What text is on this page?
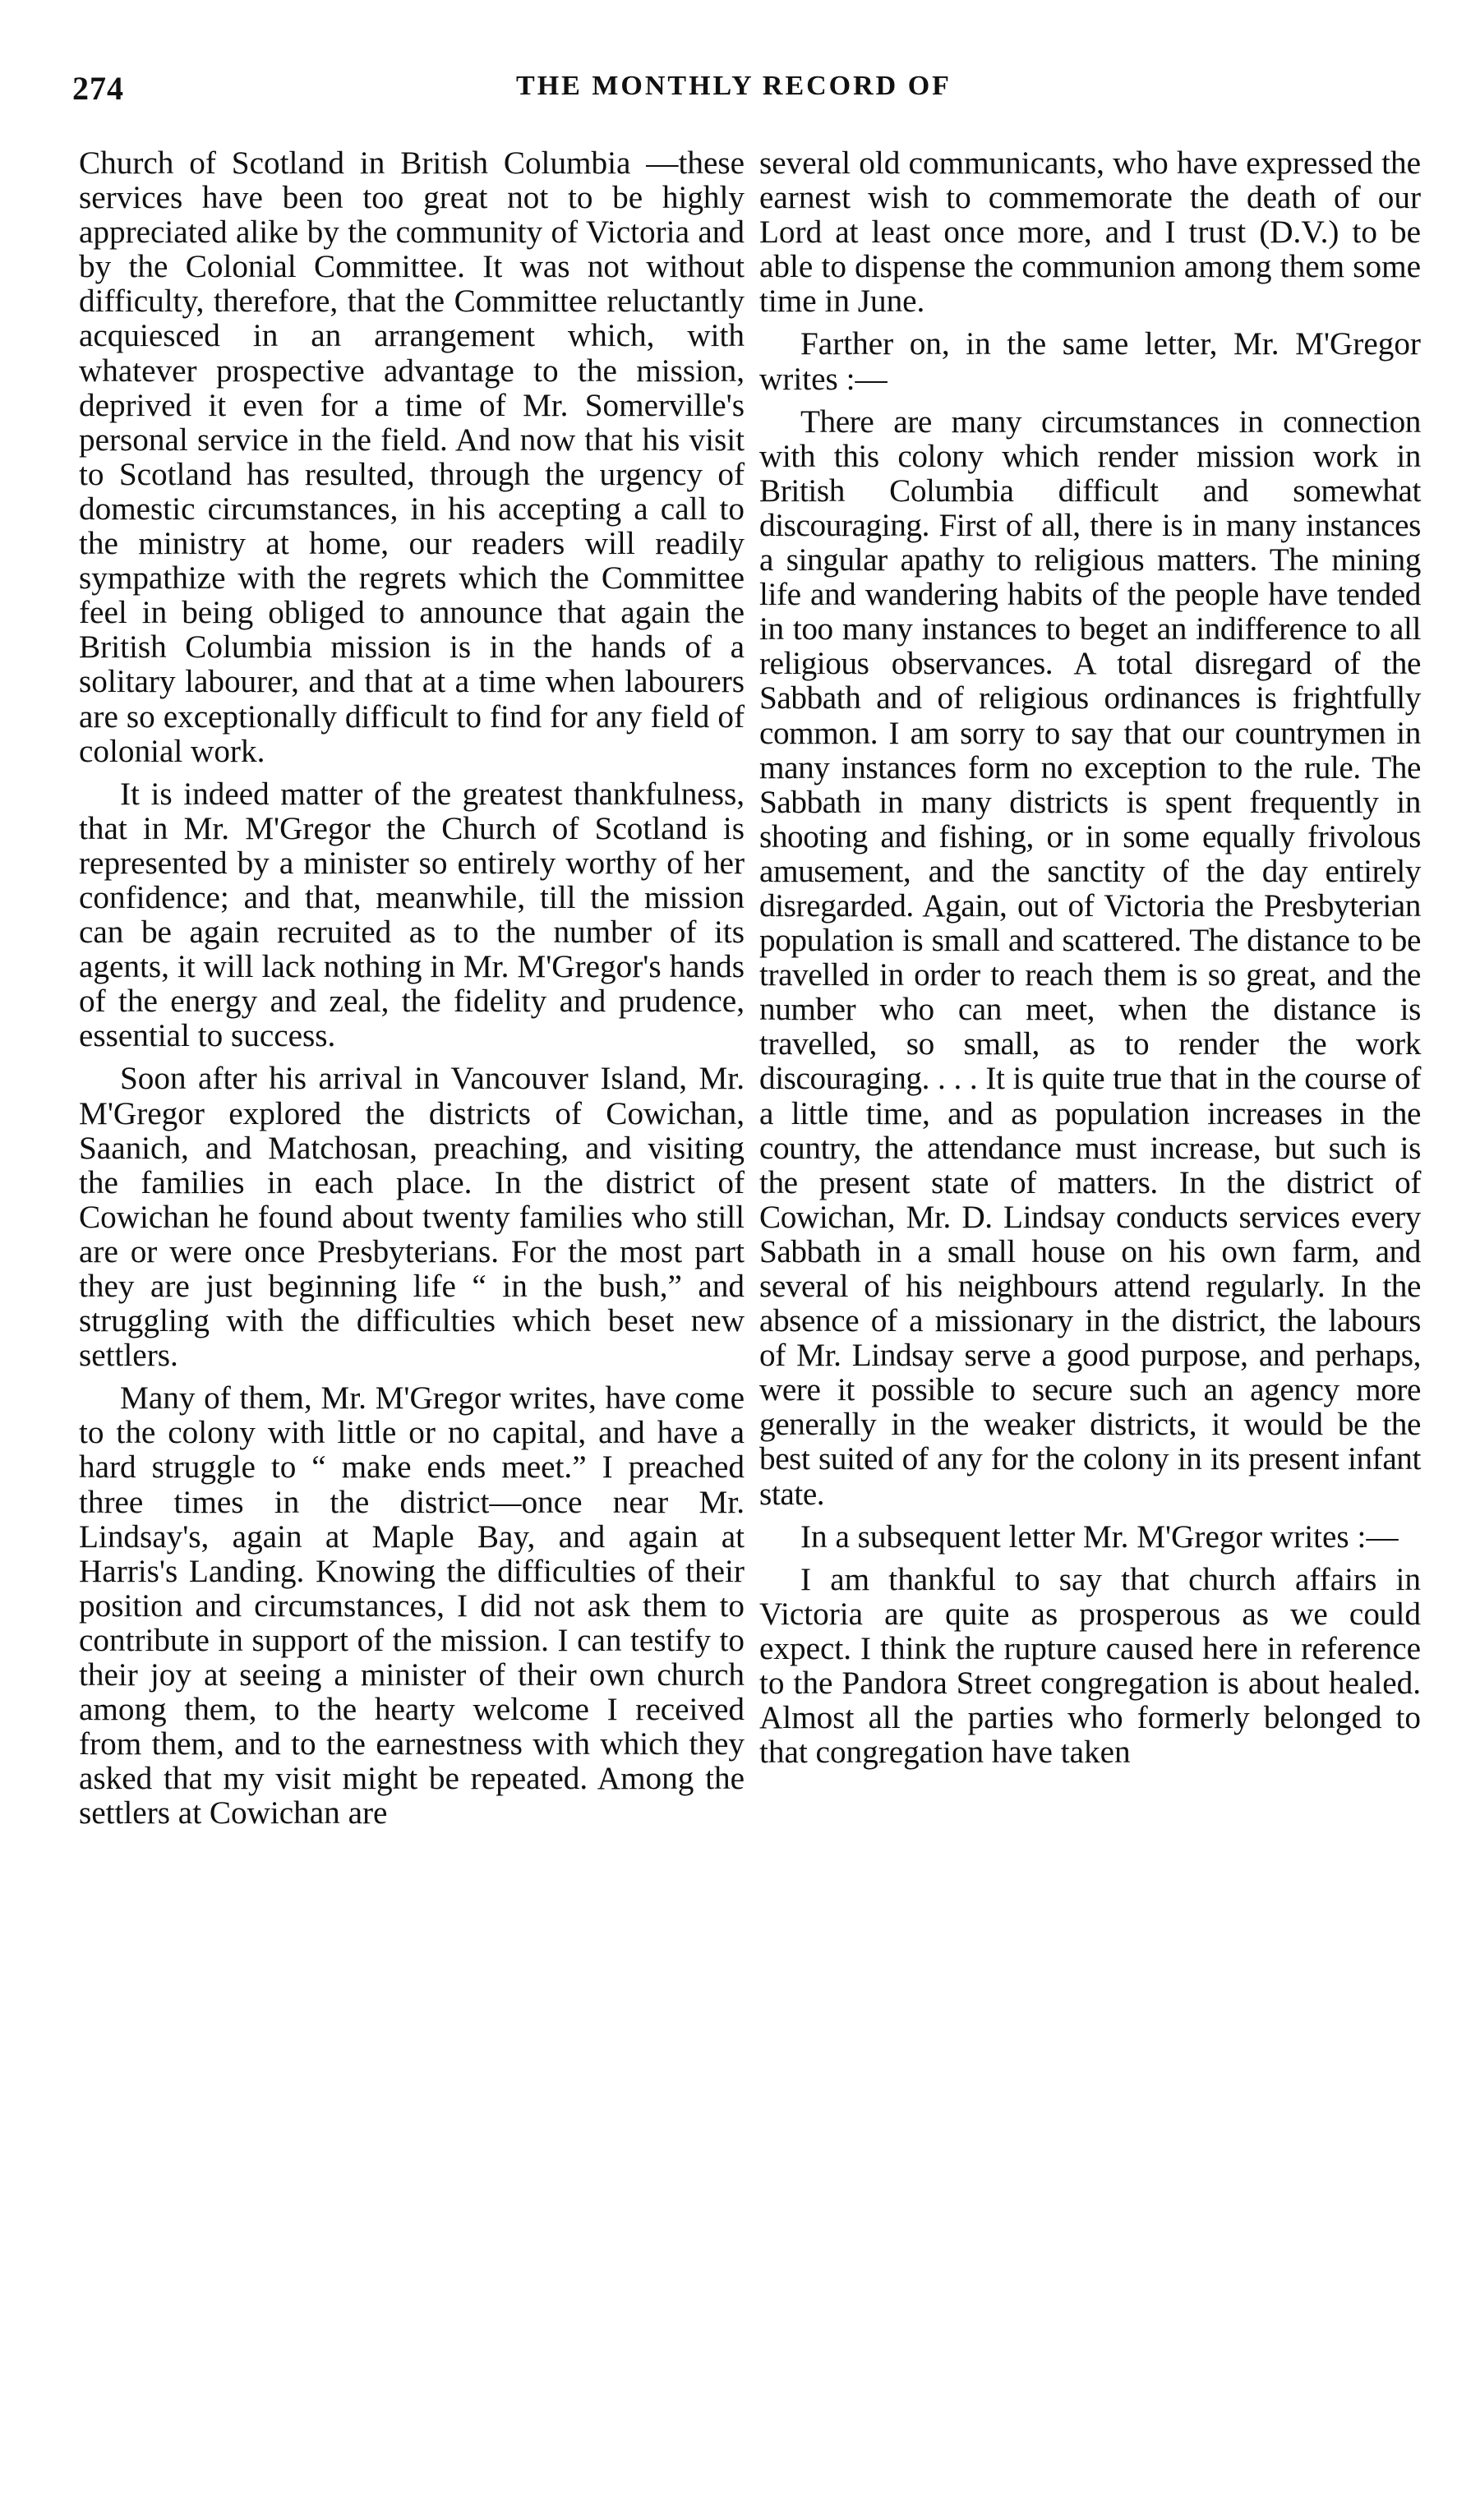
274	THE MONTHLY RECORD OF

Church of Scotland in British Columbia —these services have been too great not to be highly appreciated alike by the community of Victoria and by the Colonial Committee. It was not without difficulty, therefore, that the Committee reluctantly acquiesced in an arrangement which, with whatever prospective advantage to the mission, deprived it even for a time of Mr. Somerville's personal service in the field. And now that his visit to Scotland has resulted, through the urgency of domestic circumstances, in his accepting a call to the ministry at home, our readers will readily sympathize with the regrets which the Committee feel in being obliged to announce that again the British Columbia mission is in the hands of a solitary labourer, and that at a time when labourers are so exceptionally difficult to find for any field of colonial work.

It is indeed matter of the greatest thankfulness, that in Mr. M'Gregor the Church of Scotland is represented by a minister so entirely worthy of her confidence; and that, meanwhile, till the mission can be again recruited as to the number of its agents, it will lack nothing in Mr. M'Gregor's hands of the energy and zeal, the fidelity and prudence, essential to success.

Soon after his arrival in Vancouver Island, Mr. M'Gregor explored the districts of Cowichan, Saanich, and Matchosan, preaching, and visiting the families in each place. In the district of Cowichan he found about twenty families who still are or were once Presbyterians. For the most part they are just beginning life “ in the bush,” and struggling with the difficulties which beset new settlers.

Many of them, Mr. M'Gregor writes, have come to the colony with little or no capital, and have a hard struggle to “ make ends meet.” I preached three times in the district—once near Mr. Lindsay's, again at Maple Bay, and again at Harris's Landing. Knowing the difficulties of their position and circumstances, I did not ask them to contribute in support of the mission. I can testify to their joy at seeing a minister of their own church among them, to the hearty welcome I received from them, and to the earnestness with which they asked that my visit might be repeated. Among the settlers at Cowichan are

several old communicants, who have expressed the earnest wish to commemorate the death of our Lord at least once more, and I trust (D.V.) to be able to dispense the communion among them some time in June.

Farther on, in the same letter, Mr. M'Gregor writes :—

There are many circumstances in connection with this colony which render mission work in British Columbia difficult and somewhat discouraging. First of all, there is in many instances a singular apathy to religious matters. The mining life and wandering habits of the people have tended in too many instances to beget an indifference to all religious observances. A total disregard of the Sabbath and of religious ordinances is frightfully common. I am sorry to say that our countrymen in many instances form no exception to the rule. The Sabbath in many districts is spent frequently in shooting and fishing, or in some equally frivolous amusement, and the sanctity of the day entirely disregarded. Again, out of Victoria the Presbyterian population is small and scattered. The distance to be travelled in order to reach them is so great, and the number who can meet, when the distance is travelled, so small, as to render the work discouraging. . . . It is quite true that in the course of a little time, and as population increases in the country, the attendance must increase, but such is the present state of matters. In the district of Cowichan, Mr. D. Lindsay conducts services every Sabbath in a small house on his own farm, and several of his neighbours attend regularly. In the absence of a missionary in the district, the labours of Mr. Lindsay serve a good purpose, and perhaps, were it possible to secure such an agency more generally in the weaker districts, it would be the best suited of any for the colony in its present infant state.

In a subsequent letter Mr. M'Gregor writes :—

I am thankful to say that church affairs in Victoria are quite as prosperous as we could expect. I think the rupture caused here in reference to the Pandora Street congregation is about healed. Almost all the parties who formerly belonged to that congregation have taken
